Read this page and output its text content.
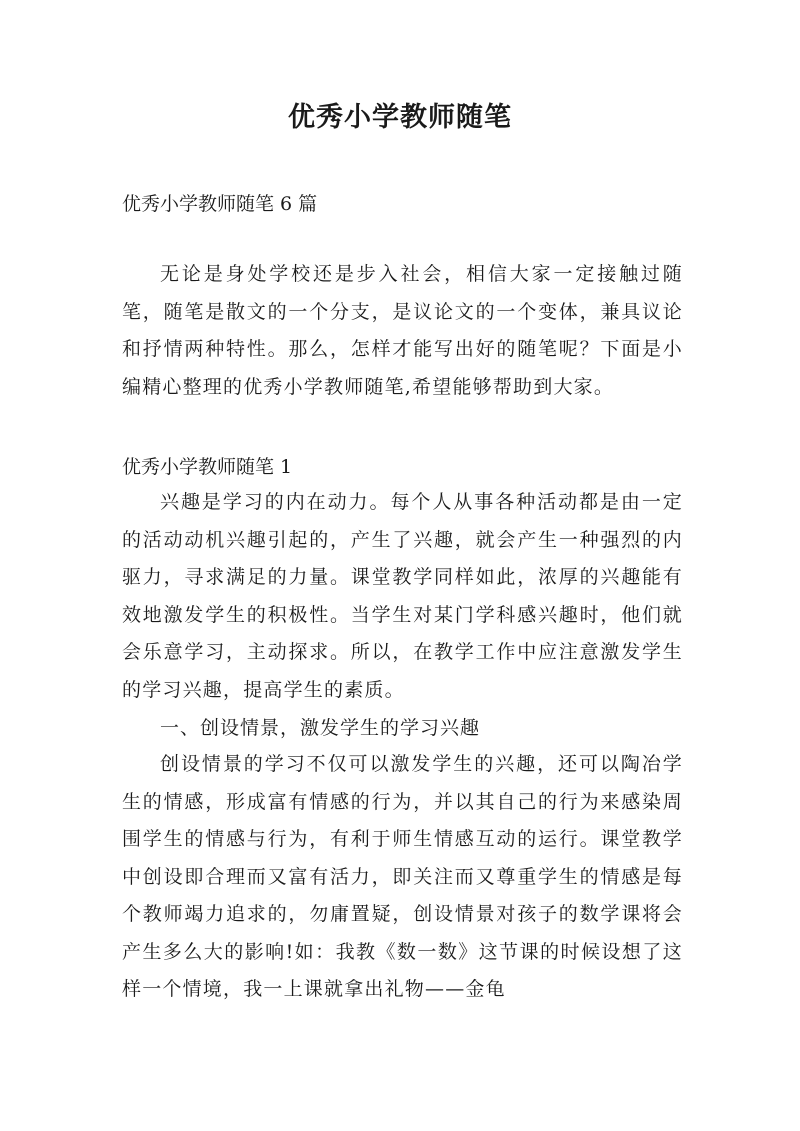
优秀小学教师随笔
优秀小学教师随笔 6 篇
无论是身处学校还是步入社会，相信大家一定接触过随笔，随笔是散文的一个分支，是议论文的一个变体，兼具议论和抒情两种特性。那么，怎样才能写出好的随笔呢？下面是小编精心整理的优秀小学教师随笔,希望能够帮助到大家。
优秀小学教师随笔 1
兴趣是学习的内在动力。每个人从事各种活动都是由一定的活动动机兴趣引起的，产生了兴趣，就会产生一种强烈的内驱力，寻求满足的力量。课堂教学同样如此，浓厚的兴趣能有效地激发学生的积极性。当学生对某门学科感兴趣时，他们就会乐意学习，主动探求。所以，在教学工作中应注意激发学生的学习兴趣，提高学生的素质。
一、创设情景，激发学生的学习兴趣
创设情景的学习不仅可以激发学生的兴趣，还可以陶冶学生的情感，形成富有情感的行为，并以其自己的行为来感染周围学生的情感与行为，有利于师生情感互动的运行。课堂教学中创设即合理而又富有活力，即关注而又尊重学生的情感是每个教师竭力追求的，勿庸置疑，创设情景对孩子的数学课将会产生多么大的影响!如：我教《数一数》这节课的时候设想了这样一个情境，我一上课就拿出礼物——金龟
